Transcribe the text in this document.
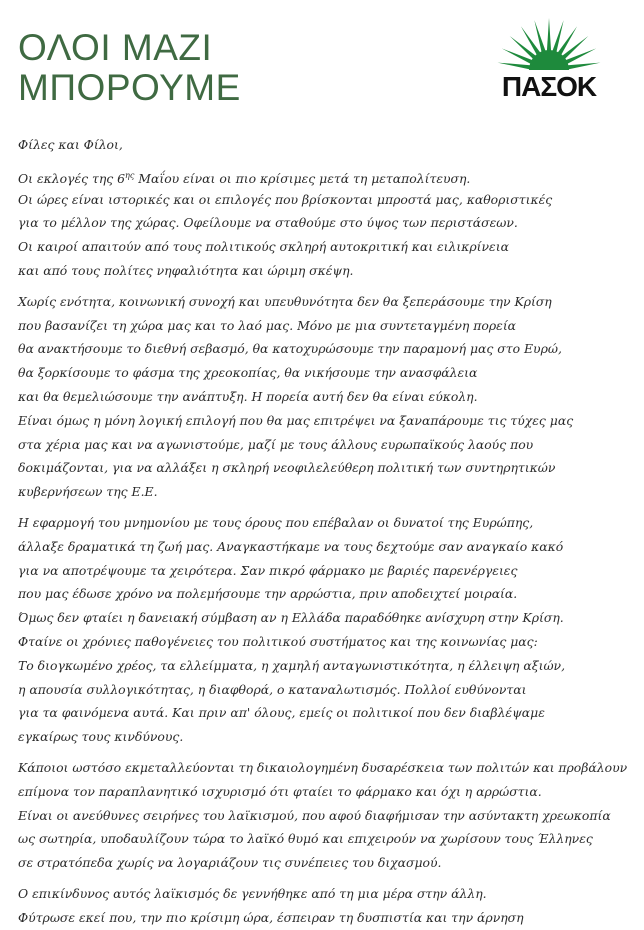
ΟΛΟΙ ΜΑΖΙ
ΜΠΟΡΟΥΜΕ	ΠΑΣΟΚ
Φίλες και Φίλοι,
Οι εκλογές της $6^{\eta\varsigma}$ Μαΐου είναι οι πιο κρίσιμες μετά τη μεταπολίτευση.
Οι ώρες είναι ιστορικές και οι επιλογές που βρίσκονται μπροστά μας, καθοριστικές
για το μέλλον της χώρας. Οφείλουμε να σταθούμε στο ύψος των περιστάσεων.
Οι καιροί απαιτούν από τους πολιτικούς σκληρή αυτοκριτική και ειλικρίνεια
και από τους πολίτες νηφαλιότητα και ώριμη σκέψη.
Χωρίς ενότητα, κοινωνική συνοχή και υπευθυνότητα δεν θα ξεπεράσουμε την Κρίση
που βασανίζει τη χώρα μας και το λαό μας. Μόνο με μια συντεταγμένη πορεία
θα ανακτήσουμε το διεθνή σεβασμό, θα κατοχυρώσουμε την παραμονή μας στο Ευρώ,
θα ξορκίσουμε το φάσμα της χρεοκοπίας, θα νικήσουμε την ανασφάλεια
και θα θεμελιώσουμε την ανάπτυξη. Η πορεία αυτή δεν θα είναι εύκολη.
Είναι όμως η μόνη λογική επιλογή που θα μας επιτρέψει να ξαναπάρουμε τις τύχες μας
στα χέρια μας και να αγωνιστούμε, μαζί με τους άλλους ευρωπαϊκούς λαούς που
δοκιμάζονται, για να αλλάξει η σκληρή νεοφιλελεύθερη πολιτική των συντηρητικών
κυβερνήσεων της Ε.Ε.
Η εφαρμογή του μνημονίου με τους όρους που επέβαλαν οι δυνατοί της Ευρώπης,
άλλαξε δραματικά τη ζωή μας. Αναγκαστήκαμε να τους δεχτούμε σαν αναγκαίο κακό
για να αποτρέψουμε τα χειρότερα. Σαν πικρό φάρμακο με βαριές παρενέργειες
που μας έδωσε χρόνο να πολεμήσουμε την αρρώστια, πριν αποδειχτεί μοιραία.
Όμως δεν φταίει η δανειακή σύμβαση αν η Ελλάδα παραδόθηκε ανίσχυρη στην Κρίση.
Φταίνε οι χρόνιες παθογένειες του πολιτικού συστήματος και της κοινωνίας μας:
Το διογκωμένο χρέος, τα ελλείμματα, η χαμηλή ανταγωνιστικότητα, η έλλειψη αξιών,
η απουσία συλλογικότητας, η διαφθορά, ο καταναλωτισμός. Πολλοί ευθύνονται
για τα φαινόμενα αυτά. Και πριν απ' όλους, εμείς οι πολιτικοί που δεν διαβλέψαμε
εγκαίρως τους κινδύνους.
Κάποιοι ωστόσο εκμεταλλεύονται τη δικαιολογημένη δυσαρέσκεια των πολιτών και προβάλουν
επίμονα τον παραπλανητικό ισχυρισμό ότι φταίει το φάρμακο και όχι η αρρώστια.
Είναι οι ανεύθυνες σειρήνες του λαϊκισμού, που αφού διαφήμισαν την ασύντακτη χρεωκοπία
ως σωτηρία, υποδαυλίζουν τώρα το λαϊκό θυμό και επιχειρούν να χωρίσουν τους Έλληνες
σε στρατόπεδα χωρίς να λογαριάζουν τις συνέπειες του διχασμού.
Ο επικίνδυνος αυτός λαϊκισμός δε γεννήθηκε από τη μια μέρα στην άλλη.
Φύτρωσε εκεί που, την πιο κρίσιμη ώρα, έσπειραν τη δυσπιστία και την άρνηση
